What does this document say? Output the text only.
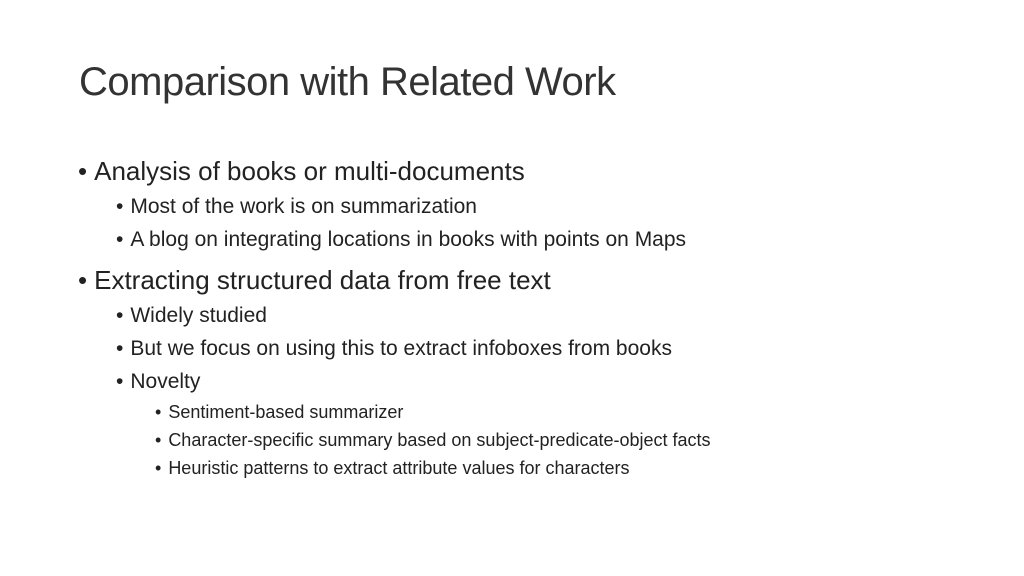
Comparison with Related Work
• Analysis of books or multi-documents
• Most of the work is on summarization
• A blog on integrating locations in books with points on Maps
• Extracting structured data from free text
• Widely studied
• But we focus on using this to extract infoboxes from books
• Novelty
• Sentiment-based summarizer
• Character-specific summary based on subject-predicate-object facts
• Heuristic patterns to extract attribute values for characters
